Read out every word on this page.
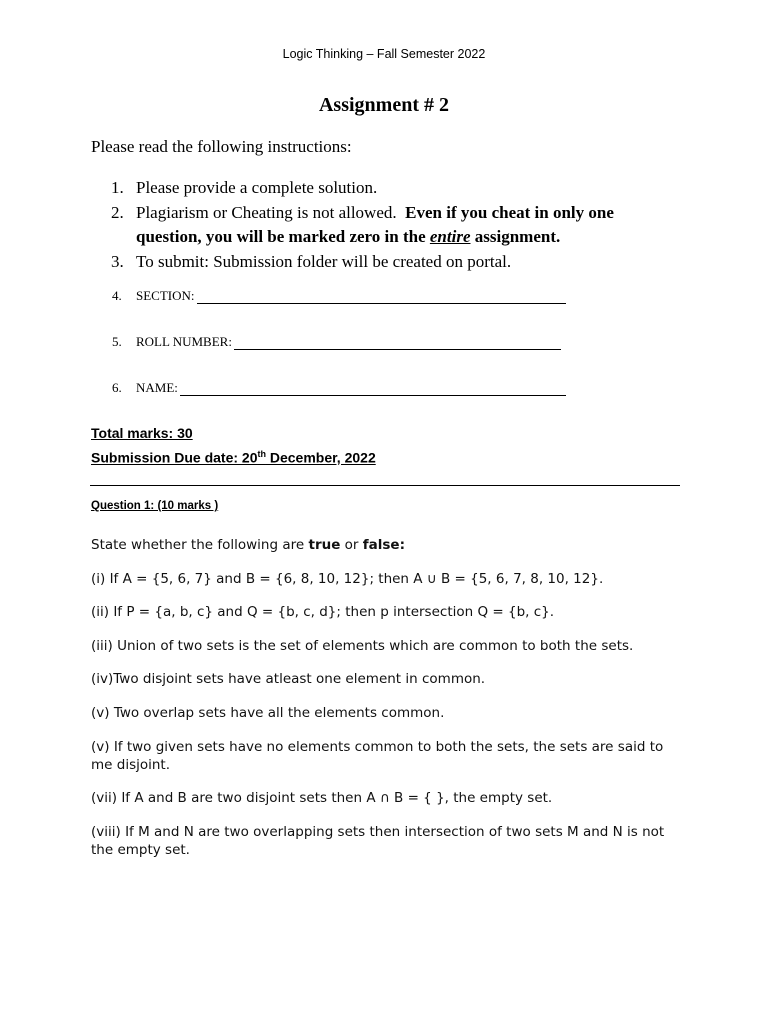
Logic Thinking – Fall Semester 2022
Assignment # 2
Please read the following instructions:
1. Please provide a complete solution.
2. Plagiarism or Cheating is not allowed. Even if you cheat in only one question, you will be marked zero in the entire assignment.
3. To submit: Submission folder will be created on portal.
4.	SECTION:
5.	ROLL NUMBER:
6.	NAME:
Total marks: 30
Submission Due date: 20th December, 2022
Question 1: (10 marks )
State whether the following are true or false:
(i) If A = {5, 6, 7} and B = {6, 8, 10, 12}; then A ∪ B = {5, 6, 7, 8, 10, 12}.
(ii) If P = {a, b, c} and Q = {b, c, d}; then p intersection Q = {b, c}.
(iii) Union of two sets is the set of elements which are common to both the sets.
(iv)Two disjoint sets have atleast one element in common.
(v) Two overlap sets have all the elements common.
(v) If two given sets have no elements common to both the sets, the sets are said to me disjoint.
(vii) If A and B are two disjoint sets then A ∩ B = { }, the empty set.
(viii) If M and N are two overlapping sets then intersection of two sets M and N is not the empty set.
